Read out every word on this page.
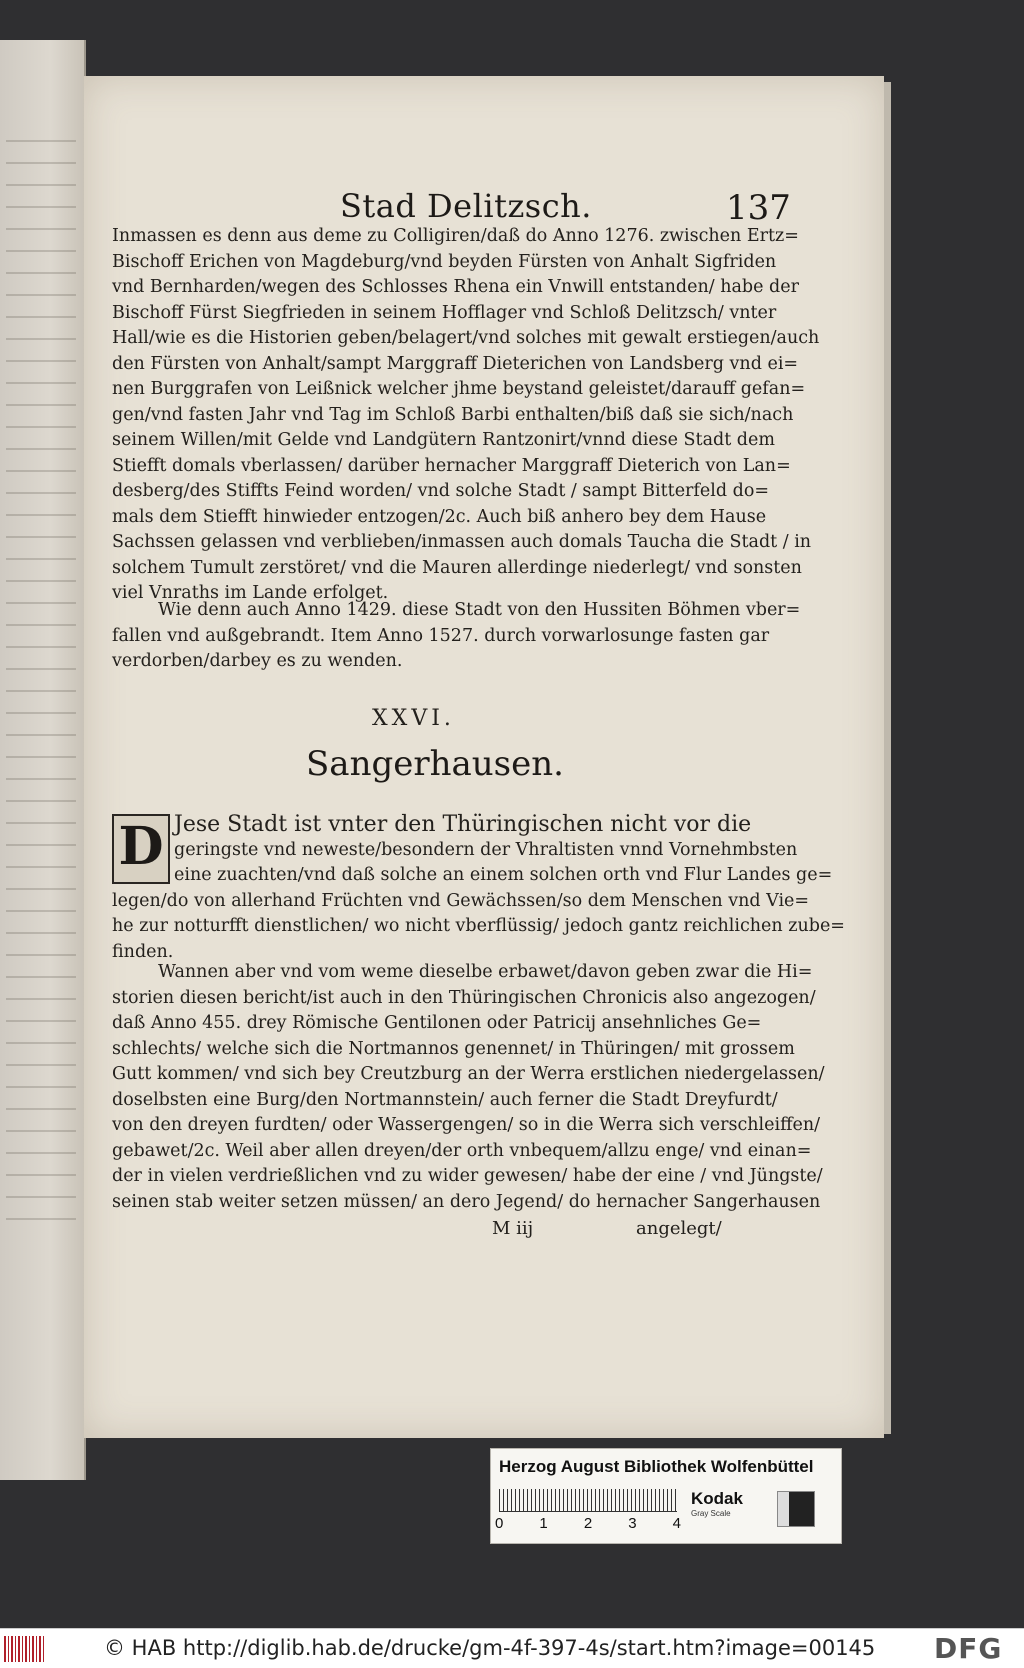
Stad Delitzsch.	137
Inmassen es denn aus deme zu Colligiren/daß do Anno 1276. zwischen Ertz=
Bischoff Erichen von Magdeburg/vnd beyden Fürsten von Anhalt Sigfriden
vnd Bernharden/wegen des Schlosses Rhena ein Vnwill entstanden/ habe der
Bischoff Fürst Siegfrieden in seinem Hofflager vnd Schloß Delitzsch/ vnter
Hall/wie es die Historien geben/belagert/vnd solches mit gewalt erstiegen/auch
den Fürsten von Anhalt/sampt Marggraff Dieterichen von Landsberg vnd ei=
nen Burggrafen von Leißnick welcher jhme beystand geleistet/darauff gefan=
gen/vnd fasten Jahr vnd Tag im Schloß Barbi enthalten/biß daß sie sich/nach
seinem Willen/mit Gelde vnd Landgütern Rantzonirt/vnnd diese Stadt dem
Stiefft domals vberlassen/ darüber hernacher Marggraff Dieterich von Lan=
desberg/des Stiffts Feind worden/ vnd solche Stadt / sampt Bitterfeld do=
mals dem Stiefft hinwieder entzogen/2c. Auch biß anhero bey dem Hause
Sachssen gelassen vnd verblieben/inmassen auch domals Taucha die Stadt / in
solchem Tumult zerstöret/ vnd die Mauren allerdinge niederlegt/ vnd sonsten
viel Vnraths im Lande erfolget.
Wie denn auch Anno 1429. diese Stadt von den Hussiten Böhmen vber=
fallen vnd außgebrandt. Item Anno 1527. durch vorwarlosunge fasten gar
verdorben/darbey es zu wenden.
XXVI.
Sangerhausen.
D Jese Stadt ist vnter den Thüringischen nicht vor die
geringste vnd neweste/besondern der Vhraltisten vnnd Vornehmbsten
eine zuachten/vnd daß solche an einem solchen orth vnd Flur Landes ge=
legen/do von allerhand Früchten vnd Gewächssen/so dem Menschen vnd Vie=
he zur notturfft dienstlichen/ wo nicht vberflüssig/ jedoch gantz reichlichen zube=
finden.
Wannen aber vnd vom weme dieselbe erbawet/davon geben zwar die Hi=
storien diesen bericht/ist auch in den Thüringischen Chronicis also angezogen/
daß Anno 455. drey Römische Gentilonen oder Patricij ansehnliches Ge=
schlechts/ welche sich die Nortmannos genennet/ in Thüringen/ mit grossem
Gutt kommen/ vnd sich bey Creutzburg an der Werra erstlichen niedergelassen/
doselbsten eine Burg/den Nortmannstein/ auch ferner die Stadt Dreyfurdt/
von den dreyen furdten/ oder Wassergengen/ so in die Werra sich verschleiffen/
gebawet/2c. Weil aber allen dreyen/der orth vnbequem/allzu enge/ vnd einan=
der in vielen verdrießlichen vnd zu wider gewesen/ habe der eine / vnd Jüngste/
seinen stab weiter setzen müssen/ an dero Jegend/ do hernacher Sangerhausen
M iij	angelegt/
Herzog August Bibliothek Wolfenbüttel
0 1 2 3 4
Kodak
Gray Scale
© HAB http://diglib.hab.de/drucke/gm-4f-397-4s/start.htm?image=00145 DFG
